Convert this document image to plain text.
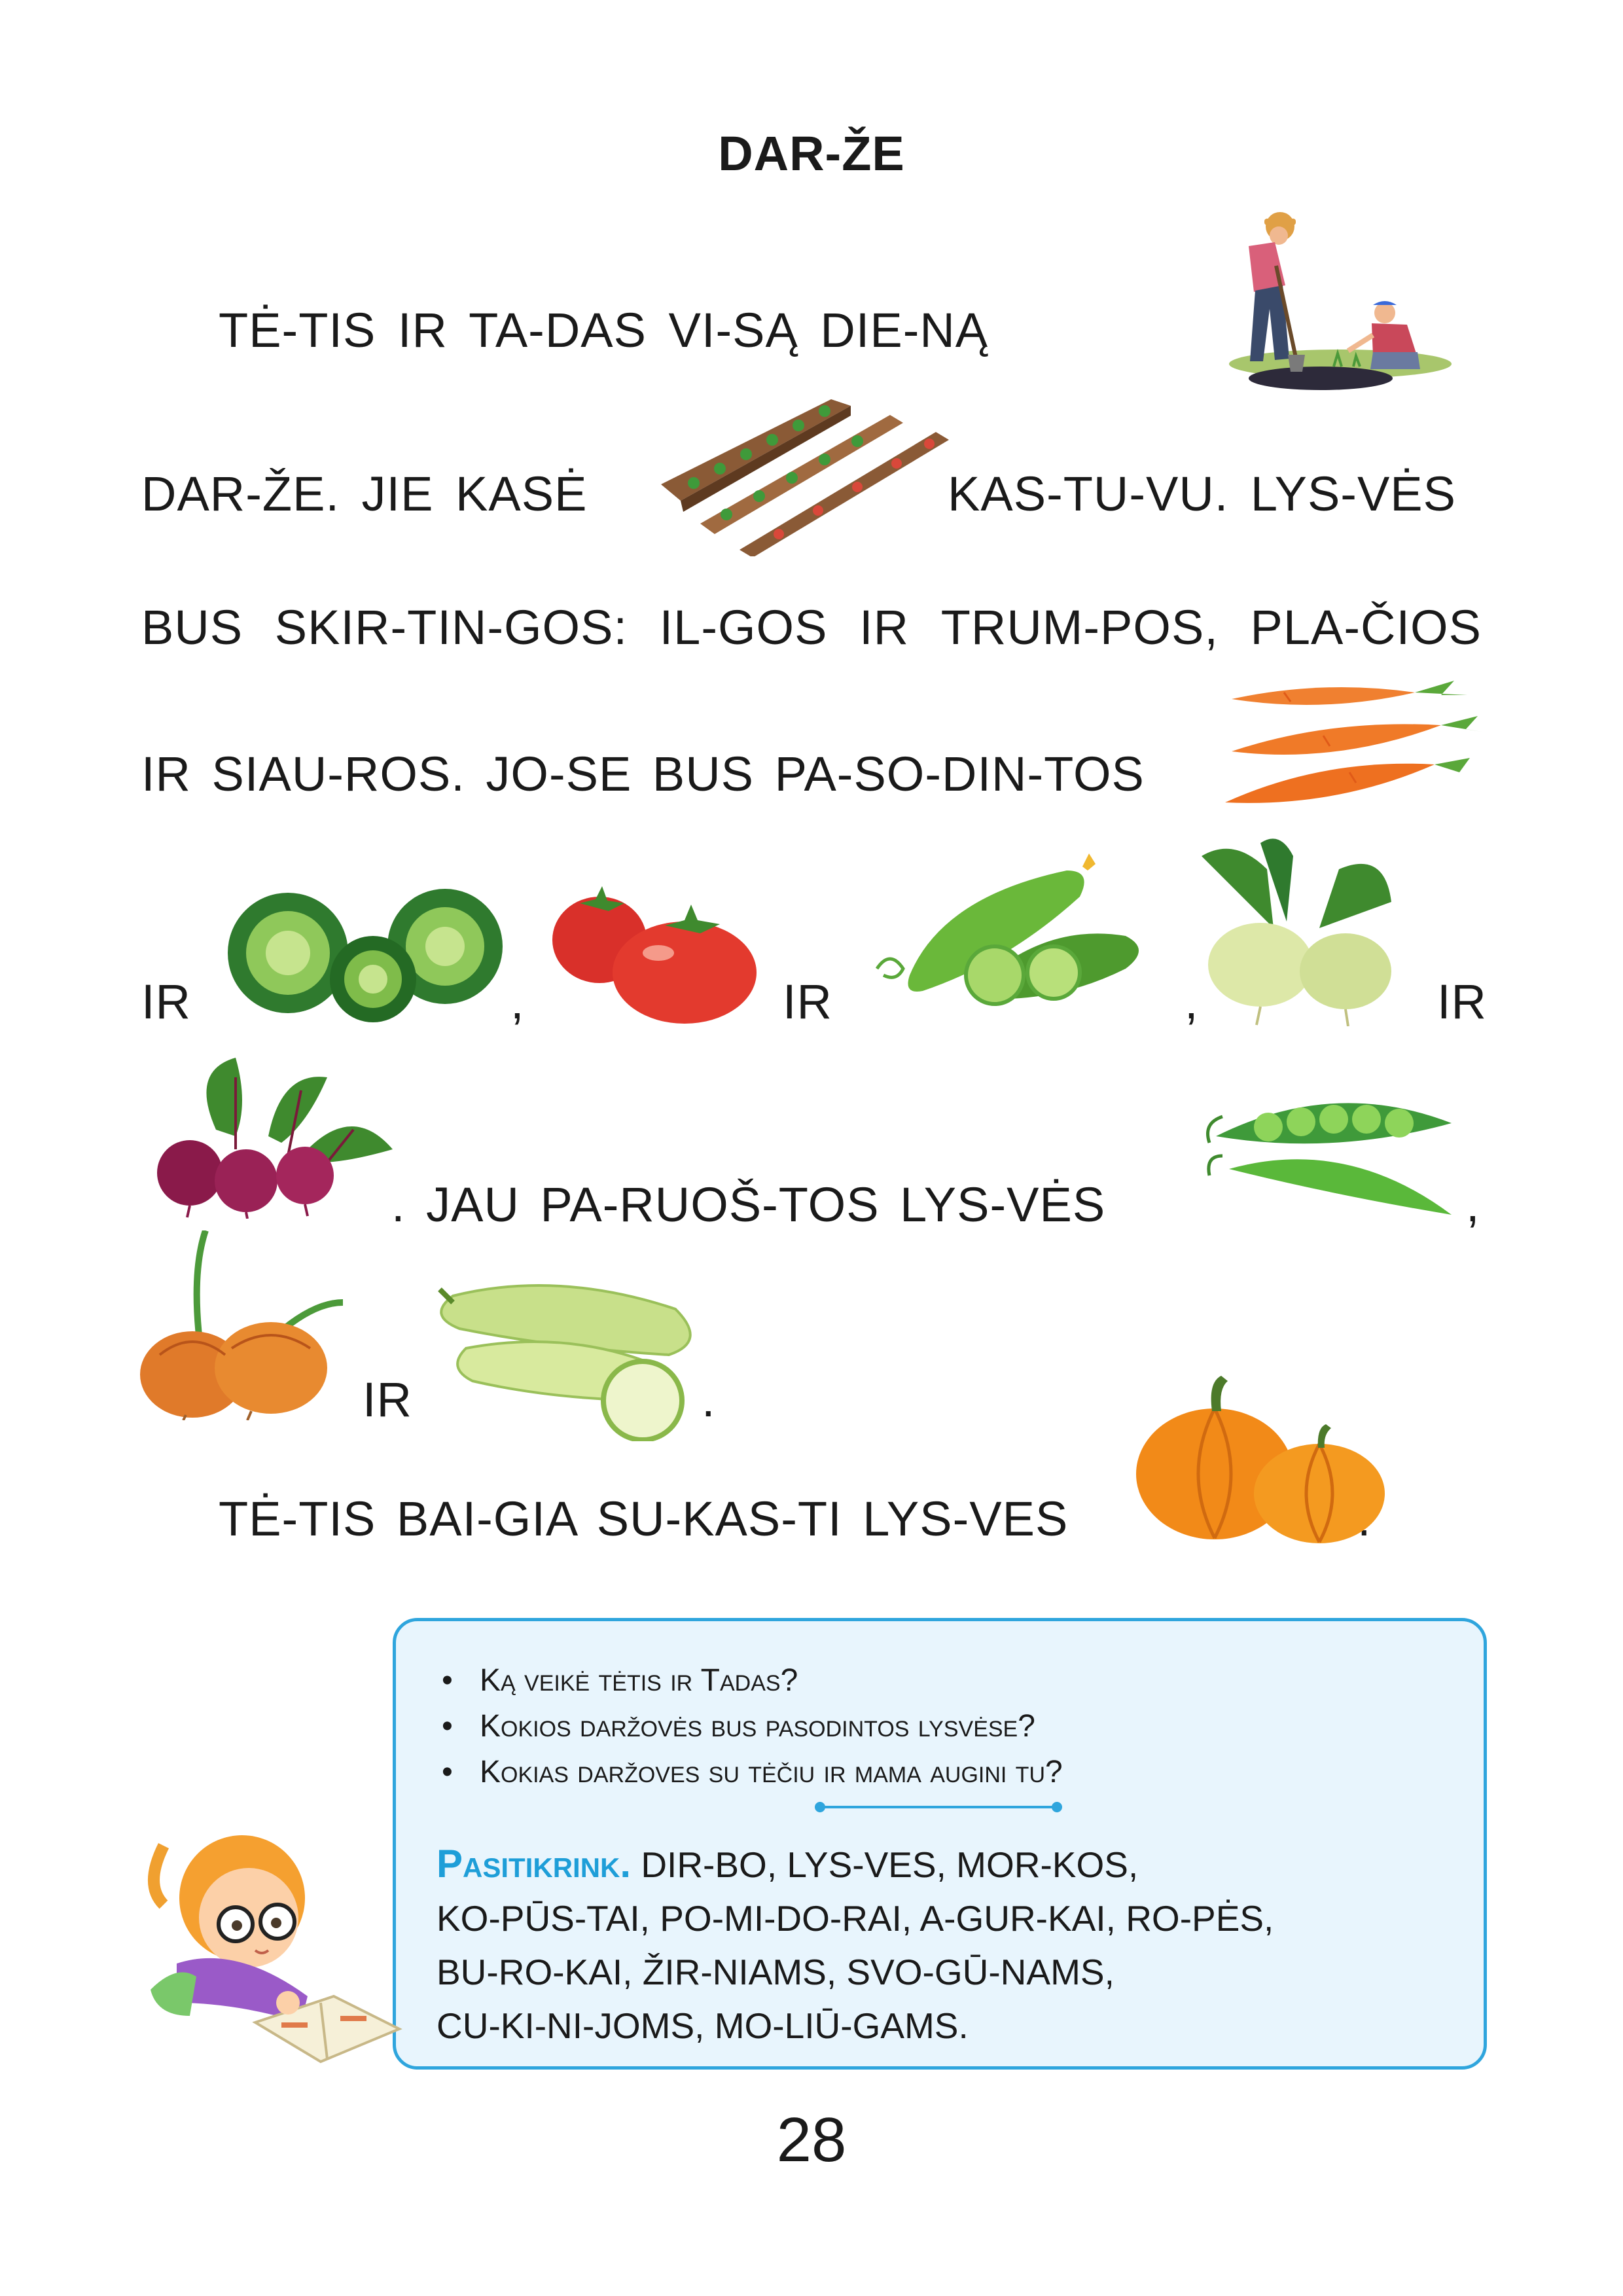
DAR-ŽE
TĖ-TIS IR TA-DAS VI-SĄ DIE-NĄ
DAR-ŽE. JIE KASĖ	KAS-TU-VU. LYS-VĖS
BUS SKIR-TIN-GOS: IL-GOS IR TRUM-POS, PLA-ČIOS
IR SIAU-ROS. JO-SE BUS PA-SO-DIN-TOS
IR	,	IR	,	IR
. JAU PA-RUOŠ-TOS LYS-VĖS	,
IR	.
TĖ-TIS BAI-GIA SU-KAS-TI LYS-VES
• Ką veikė tėtis ir Tadas?
• Kokios daržovės bus pasodintos lysvėse?
• Kokias daržoves su tėčiu ir mama augini tu?
Pasitikrink. DIR-BO, LYS-VES, MOR-KOS,
KO-PŪS-TAI, PO-MI-DO-RAI, A-GUR-KAI, RO-PĖS,
BU-RO-KAI, ŽIR-NIAMS, SVO-GŪ-NAMS,
CU-KI-NI-JOMS, MO-LIŪ-GAMS.
28
